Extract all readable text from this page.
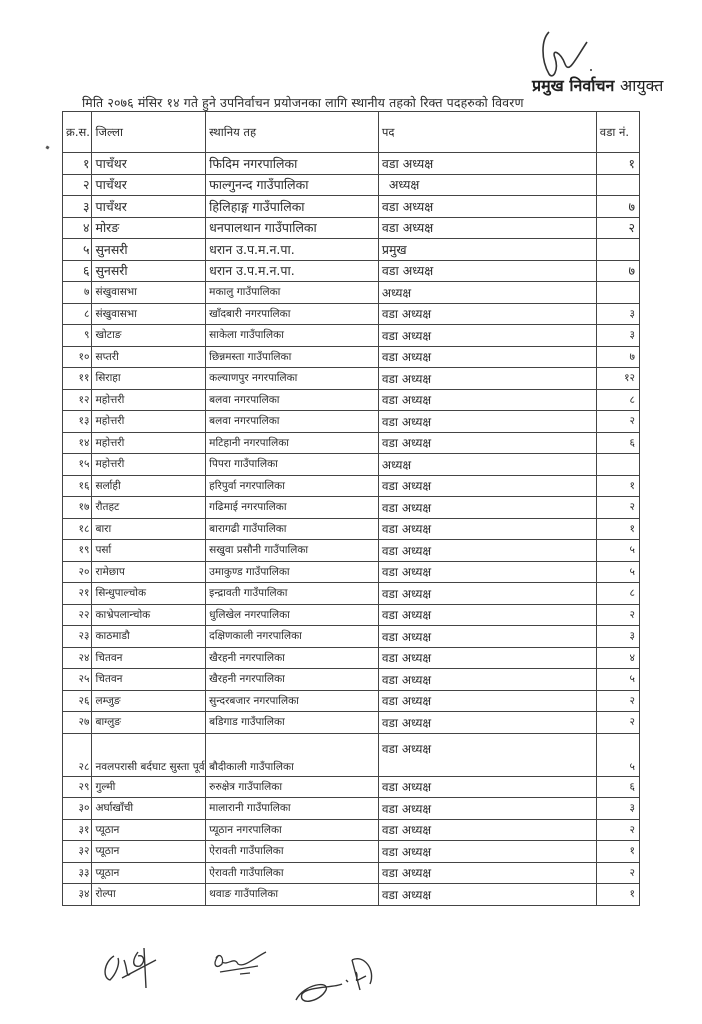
प्रमुख निर्वाचन आयुक्त
मिति २०७६ मंसिर १४ गते हुने उपनिर्वाचन प्रयोजनका लागि स्थानीय तहको रिक्त पदहरुको विवरण
क्र.स.	जिल्ला	स्थानिय तह	पद	वडा नं.
१	पाचँथर	फिदिम नगरपालिका	वडा अध्यक्ष	१
२	पाचँथर	फाल्गुनन्द गाउँपालिका	अध्यक्ष	
३	पाचँथर	हिलिहाङ्ग गाउँपालिका	वडा अध्यक्ष	७
४	मोरङ	धनपालथान गाउँपालिका	वडा अध्यक्ष	२
५	सुनसरी	धरान उ.प.म.न.पा.	प्रमुख	
६	सुनसरी	धरान उ.प.म.न.पा.	वडा अध्यक्ष	७
७	संखुवासभा	मकालु गाउँपालिका	अध्यक्ष	
८	संखुवासभा	खाँदबारी नगरपालिका	वडा अध्यक्ष	३
९	खोटाङ	साकेला गाउँपालिका	वडा अध्यक्ष	३
१०	सप्तरी	छिन्नमस्ता गाउँपालिका	वडा अध्यक्ष	७
११	सिराहा	कल्याणपुर नगरपालिका	वडा अध्यक्ष	१२
१२	महोत्तरी	बलवा नगरपालिका	वडा अध्यक्ष	८
१३	महोत्तरी	बलवा नगरपालिका	वडा अध्यक्ष	२
१४	महोत्तरी	मटिहानी नगरपालिका	वडा अध्यक्ष	६
१५	महोत्तरी	पिपरा गाउँपालिका	अध्यक्ष	
१६	सर्लाही	हरिपुर्वा नगरपालिका	वडा अध्यक्ष	१
१७	रौतहट	गढिमाई नगरपालिका	वडा अध्यक्ष	२
१८	बारा	बारागढी गाउँपालिका	वडा अध्यक्ष	१
१९	पर्सा	सखुवा प्रसौनी गाउँपालिका	वडा अध्यक्ष	५
२०	रामेछाप	उमाकुण्ड गाउँपालिका	वडा अध्यक्ष	५
२१	सिन्धुपाल्चोक	इन्द्रावती गाउँपालिका	वडा अध्यक्ष	८
२२	काभ्रेपलान्चोक	धुलिखेल नगरपालिका	वडा अध्यक्ष	२
२३	काठमाडौ	दक्षिणकाली नगरपालिका	वडा अध्यक्ष	३
२४	चितवन	खैरहनी नगरपालिका	वडा अध्यक्ष	४
२५	चितवन	खैरहनी नगरपालिका	वडा अध्यक्ष	५
२६	लम्जुङ	सुन्दरबजार नगरपालिका	वडा अध्यक्ष	२
२७	बाग्लुङ	बडिगाड गाउँपालिका	वडा अध्यक्ष	२
२८	नवलपरासी बर्दघाट सुस्ता पूर्व	बौदीकाली गाउँपालिका	वडा अध्यक्ष	५
२९	गुल्मी	रुरुक्षेत्र गाउँपालिका	वडा अध्यक्ष	६
३०	अर्घाखाँची	मालारानी गाउँपालिका	वडा अध्यक्ष	३
३१	प्यूठान	प्यूठान नगरपालिका	वडा अध्यक्ष	२
३२	प्यूठान	ऐरावती गाउँपालिका	वडा अध्यक्ष	१
३३	प्यूठान	ऐरावती गाउँपालिका	वडा अध्यक्ष	२
३४	रोल्पा	थवाङ गाउँपालिका	वडा अध्यक्ष	१
